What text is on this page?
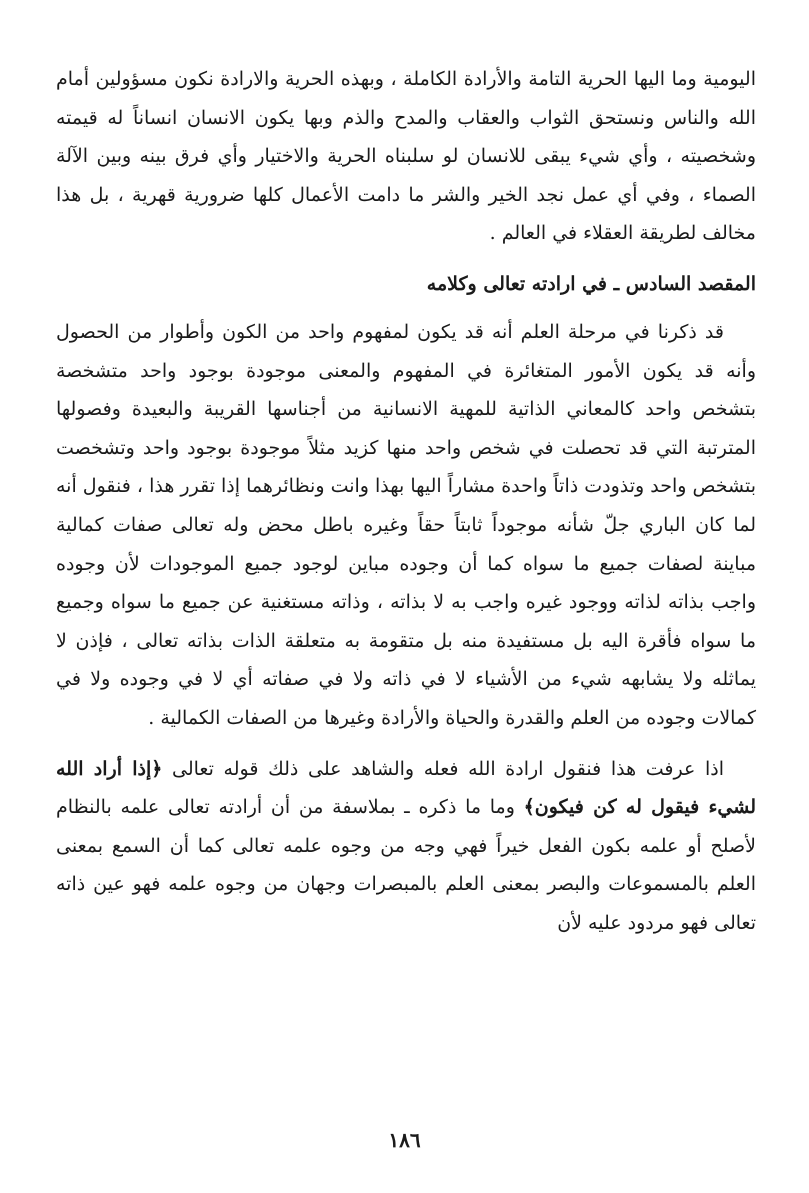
اليومية وما اليها الحرية التامة والأرادة الكاملة ، وبهذه الحرية والارادة نكون مسؤولين أمام الله والناس ونستحق الثواب والعقاب والمدح والذم وبها يكون الانسان انساناً له قيمته وشخصيته ، وأي شيء يبقى للانسان لو سلبناه الحرية والاختيار وأي فرق بينه وبين الآلة الصماء ، وفي أي عمل نجد الخير والشر ما دامت الأعمال كلها ضرورية قهرية ، بل هذا مخالف لطريقة العقلاء في العالم .

المقصد السادس ـ في ارادته تعالى وكلامه

قد ذكرنا في مرحلة العلم أنه قد يكون لمفهوم واحد من الكون وأطوار من الحصول وأنه قد يكون الأمور المتغائرة في المفهوم والمعنى موجودة بوجود واحد متشخصة بتشخص واحد كالمعاني الذاتية للمهية الانسانية من أجناسها القريبة والبعيدة وفصولها المترتبة التي قد تحصلت في شخص واحد منها كزيد مثلاً موجودة بوجود واحد وتشخصت بتشخص واحد وتذودت ذاتاً واحدة مشاراً اليها بهذا وانت ونظائرهما إذا تقرر هذا ، فنقول أنه لما كان الباري جلّ شأنه موجوداً ثابتاً حقاً وغيره باطل محض وله تعالى صفات كمالية مباينة لصفات جميع ما سواه كما أن وجوده مباين لوجود جميع الموجودات لأن وجوده واجب بذاته لذاته ووجود غيره واجب به لا بذاته ، وذاته مستغنية عن جميع ما سواه وجميع ما سواه فأقرة اليه بل مستفيدة منه بل متقومة به متعلقة الذات بذاته تعالى ، فإذن لا يماثله ولا يشابهه شيء من الأشياء لا في ذاته ولا في صفاته أي لا في وجوده ولا في كمالات وجوده من العلم والقدرة والحياة والأرادة وغيرها من الصفات الكمالية .

اذا عرفت هذا فنقول ارادة الله فعله والشاهد على ذلك قوله تعالى ﴿إذا أراد الله لشيء فيقول له كن فيكون﴾ وما ما ذكره ـ بملاسفة من أن أرادته تعالى علمه بالنظام لأصلح أو علمه بكون الفعل خيراً فهي وجه من وجوه علمه تعالى كما أن السمع بمعنى العلم بالمسموعات والبصر بمعنى العلم بالمبصرات وجهان من وجوه علمه فهو عين ذاته تعالى فهو مردود عليه لأن

١٨٦
